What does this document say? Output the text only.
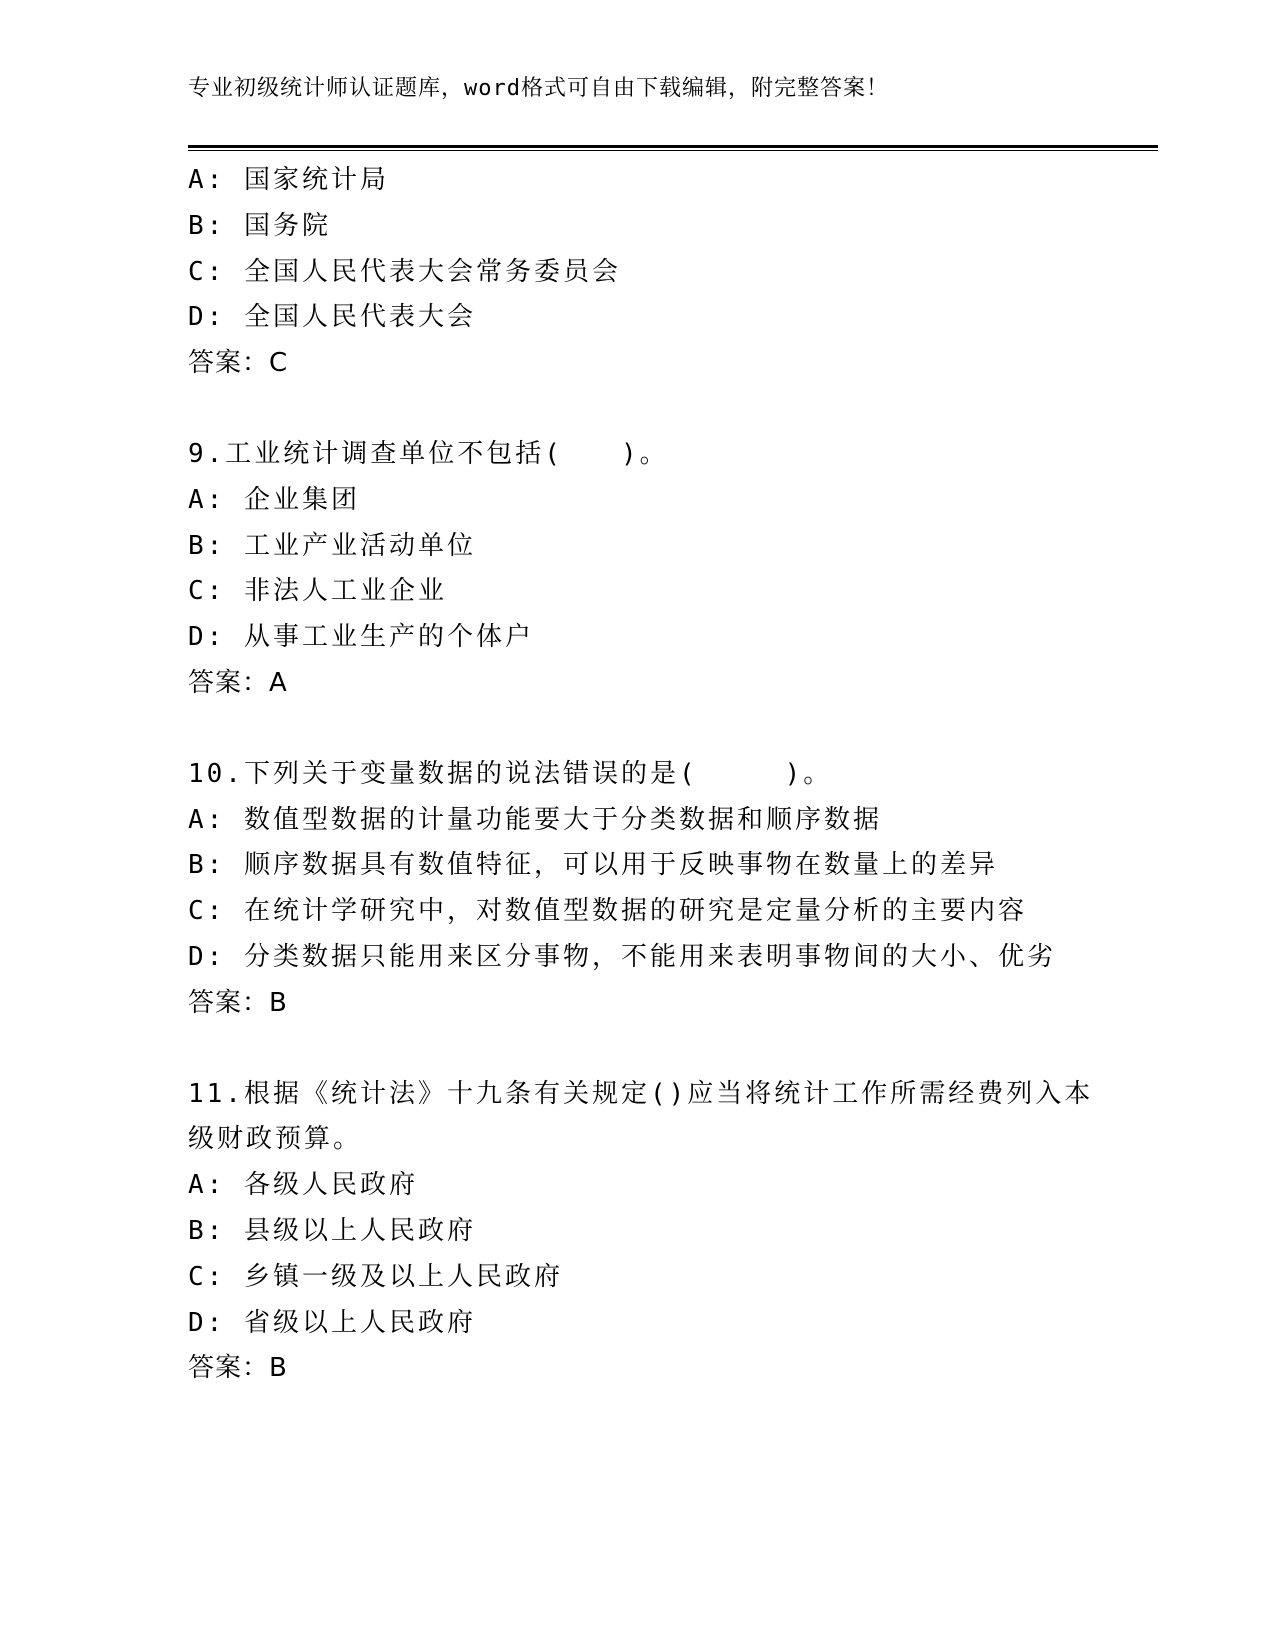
专业初级统计师认证题库，word格式可自由下载编辑，附完整答案！
A: 国家统计局
B: 国务院
C: 全国人民代表大会常务委员会
D: 全国人民代表大会
答案：C
9.工业统计调查单位不包括(　　)。
A: 企业集团
B: 工业产业活动单位
C: 非法人工业企业
D: 从事工业生产的个体户
答案：A
10.下列关于变量数据的说法错误的是(　　　)。
A: 数值型数据的计量功能要大于分类数据和顺序数据
B: 顺序数据具有数值特征，可以用于反映事物在数量上的差异
C: 在统计学研究中，对数值型数据的研究是定量分析的主要内容
D: 分类数据只能用来区分事物，不能用来表明事物间的大小、优劣
答案：B
11.根据《统计法》十九条有关规定()应当将统计工作所需经费列入本
级财政预算。
A: 各级人民政府
B: 县级以上人民政府
C: 乡镇一级及以上人民政府
D: 省级以上人民政府
答案：B
